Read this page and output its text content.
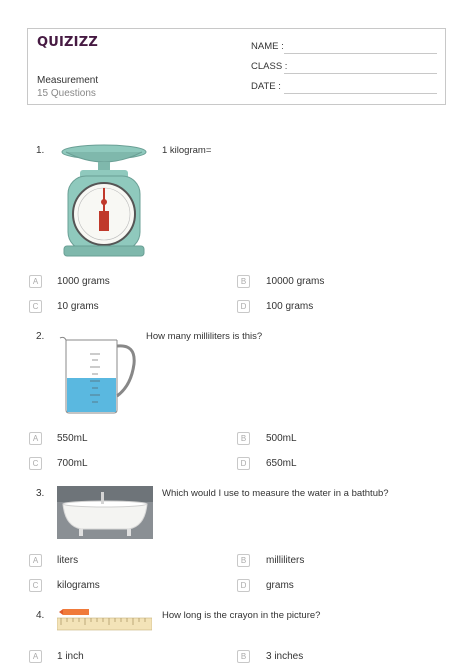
QUIZIZZ
Measurement
15 Questions
NAME :
CLASS :
DATE :
1.	1 kilogram=
A	1000 grams	B	10000 grams
C	10 grams	D	100 grams
2.	How many milliliters is this?
A	550mL	B	500mL
C	700mL	D	650mL
3.	Which would I use to measure the water in a bathtub?
A	liters	B	milliliters
C	kilograms	D	grams
4.	How long is the crayon in the picture?
A	1 inch	B	3 inches
